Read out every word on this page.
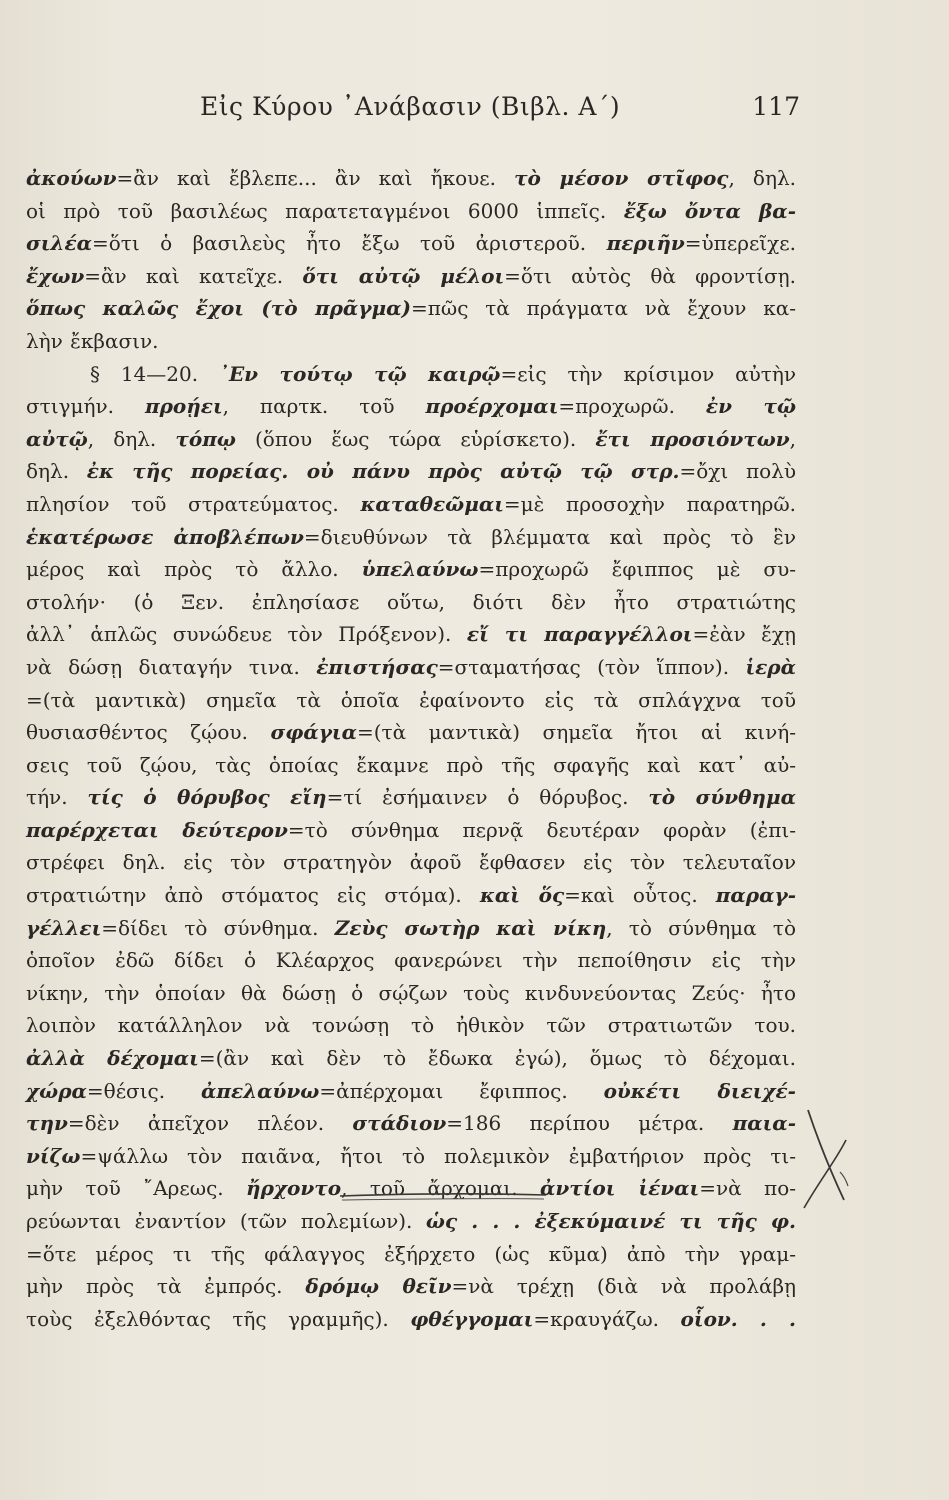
Εἰς Κύρου ᾿Ανάβασιν (Βιβλ. Α´)	117
ἀκούων=ἂν καὶ ἔβλεπε... ἂν καὶ ἤκουε. τὸ μέσον στῖφος, δηλ.
οἱ πρὸ τοῦ βασιλέως παρατεταγμένοι 6000 ἱππεῖς. ἔξω ὄντα βα-
σιλέα=ὅτι ὁ βασιλεὺς ἦτο ἔξω τοῦ ἀριστεροῦ. περιῆν=ὑπερεῖχε.
ἔχων=ἂν καὶ κατεῖχε. ὅτι αὐτῷ μέλοι=ὅτι αὐτὸς θὰ φροντίσῃ.
ὅπως καλῶς ἔχοι (τὸ πρᾶγμα)=πῶς τὰ πράγματα νὰ ἔχουν κα-
λὴν ἔκβασιν.
§ 14—20. ᾿Εν τούτῳ τῷ καιρῷ=εἰς τὴν κρίσιμον αὐτὴν
στιγμήν. προῄει, παρτκ. τοῦ προέρχομαι=προχωρῶ. ἐν τῷ
αὐτῷ, δηλ. τόπῳ (ὅπου ἕως τώρα εὑρίσκετο). ἔτι προσιόντων,
δηλ. ἐκ τῆς πορείας. οὐ πάνυ πρὸς αὐτῷ τῷ στρ.=ὄχι πολὺ
πλησίον τοῦ στρατεύματος. καταθεῶμαι=μὲ προσοχὴν παρατηρῶ.
ἑκατέρωσε ἀποβλέπων=διευθύνων τὰ βλέμματα καὶ πρὸς τὸ ἓν
μέρος καὶ πρὸς τὸ ἄλλο. ὑπελαύνω=προχωρῶ ἔφιππος μὲ συ-
στολήν· (ὁ Ξεν. ἐπλησίασε οὕτω, διότι δὲν ἦτο στρατιώτης
ἀλλ᾿ ἁπλῶς συνώδευε τὸν Πρόξενον). εἴ τι παραγγέλλοι=ἐὰν ἔχῃ
νὰ δώσῃ διαταγήν τινα. ἐπιστήσας=σταματήσας (τὸν ἵππον). ἱερὰ
=(τὰ μαντικὰ) σημεῖα τὰ ὁποῖα ἐφαίνοντο εἰς τὰ σπλάγχνα τοῦ
θυσιασθέντος ζῴου. σφάγια=(τὰ μαντικὰ) σημεῖα ἤτοι αἱ κινή-
σεις τοῦ ζῴου, τὰς ὁποίας ἔκαμνε πρὸ τῆς σφαγῆς καὶ κατ᾿ αὐ-
τήν. τίς ὁ θόρυβος εἴη=τί ἐσήμαινεν ὁ θόρυβος. τὸ σύνθημα
παρέρχεται δεύτερον=τὸ σύνθημα περνᾷ δευτέραν φορὰν (ἐπι-
στρέφει δηλ. εἰς τὸν στρατηγὸν ἀφοῦ ἔφθασεν εἰς τὸν τελευταῖον
στρατιώτην ἀπὸ στόματος εἰς στόμα). καὶ ὅς=καὶ οὗτος. παραγ-
γέλλει=δίδει τὸ σύνθημα. Ζεὺς σωτὴρ καὶ νίκη, τὸ σύνθημα τὸ
ὁποῖον ἐδῶ δίδει ὁ Κλέαρχος φανερώνει τὴν πεποίθησιν εἰς τὴν
νίκην, τὴν ὁποίαν θὰ δώσῃ ὁ σῴζων τοὺς κινδυνεύοντας Ζεύς· ἦτο
λοιπὸν κατάλληλον νὰ τονώσῃ τὸ ἠθικὸν τῶν στρατιωτῶν του.
ἀλλὰ δέχομαι=(ἂν καὶ δὲν τὸ ἔδωκα ἐγώ), ὅμως τὸ δέχομαι.
χώρα=θέσις. ἀπελαύνω=ἀπέρχομαι ἔφιππος. οὐκέτι διειχέ-
την=δὲν ἀπεῖχον πλέον. στάδιον=186 περίπου μέτρα. παια-
νίζω=ψάλλω τὸν παιᾶνα, ἤτοι τὸ πολεμικὸν ἐμβατήριον πρὸς τι-
μὴν τοῦ ῎Αρεως. ἤρχοντο, τοῦ ἄρχομαι. ἀντίοι ἰέναι=νὰ πο-
ρεύωνται ἐναντίον (τῶν πολεμίων). ὡς . . . ἐξεκύμαινέ τι τῆς φ.
=ὅτε μέρος τι τῆς φάλαγγος ἐξήρχετο (ὡς κῦμα) ἀπὸ τὴν γραμ-
μὴν πρὸς τὰ ἐμπρός. δρόμῳ θεῖν=νὰ τρέχῃ (διὰ νὰ προλάβῃ
τοὺς ἐξελθόντας τῆς γραμμῆς). φθέγγομαι=κραυγάζω. οἷον. . .
